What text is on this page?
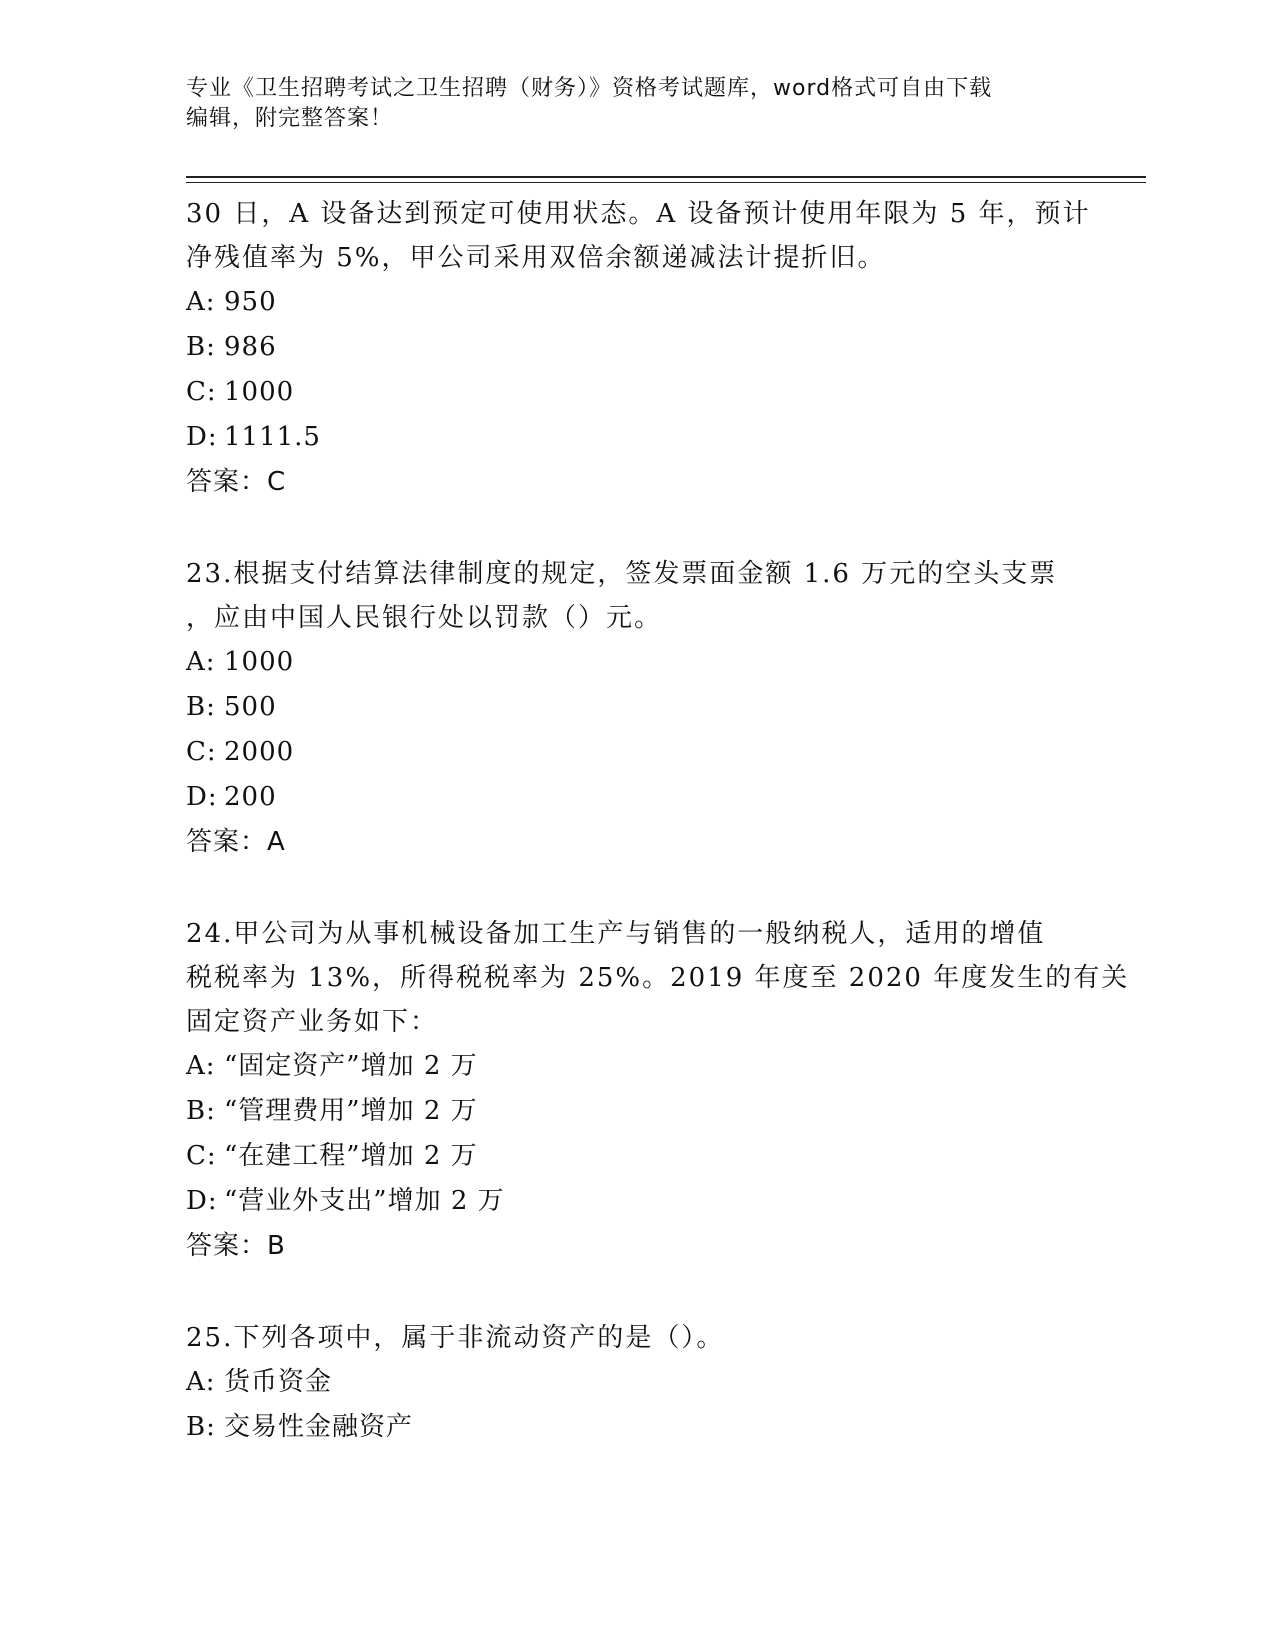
专业《卫生招聘考试之卫生招聘（财务）》资格考试题库，word格式可自由下载
编辑，附完整答案！
30 日，A 设备达到预定可使用状态。A 设备预计使用年限为 5 年，预计
净残值率为 5%，甲公司采用双倍余额递减法计提折旧。
A: 950
B: 986
C: 1000
D: 1111.5
答案：C
23.根据支付结算法律制度的规定，签发票面金额 1.6 万元的空头支票
，应由中国人民银行处以罚款（）元。
A: 1000
B: 500
C: 2000
D: 200
答案：A
24.甲公司为从事机械设备加工生产与销售的一般纳税人，适用的增值
税税率为 13%，所得税税率为 25%。2019 年度至 2020 年度发生的有关
固定资产业务如下：
A: “固定资产”增加 2 万
B: “管理费用”增加 2 万
C: “在建工程”增加 2 万
D: “营业外支出”增加 2 万
答案：B
25.下列各项中，属于非流动资产的是（）。
A: 货币资金
B: 交易性金融资产
